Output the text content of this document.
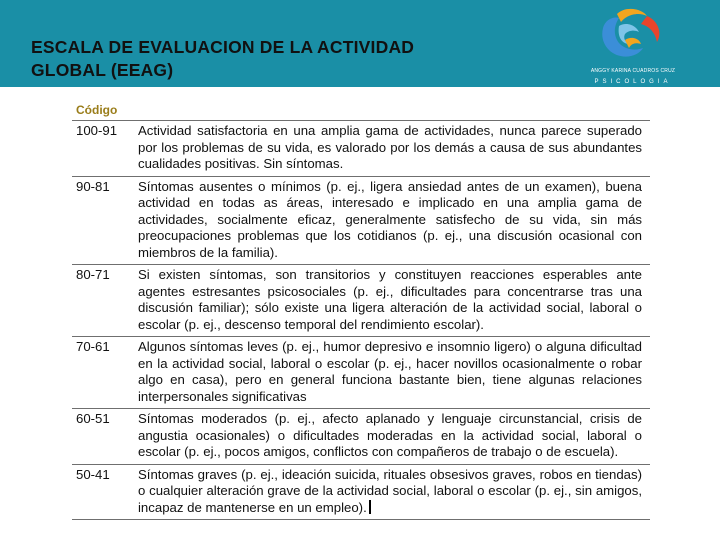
ESCALA DE EVALUACION DE LA ACTIVIDAD
GLOBAL (EEAG)	ANGGY KARINA CUADROS CRUZ
PSICOLOGIA
Código
100-91	Actividad satisfactoria en una amplia gama de actividades, nunca parece superado por los problemas de su vida, es valorado por los demás a causa de sus abundantes cualidades positivas. Sin síntomas.
90-81	Síntomas ausentes o mínimos (p. ej., ligera ansiedad antes de un examen), buena actividad en todas as áreas, interesado e implicado en una amplia gama de actividades, socialmente eficaz, generalmente satisfecho de su vida, sin más preocupaciones problemas que los cotidianos (p. ej., una discusión ocasional con miembros de la familia).
80-71	Si existen síntomas, son transitorios y constituyen reacciones esperables ante agentes estresantes psicosociales (p. ej., dificultades para concentrarse tras una discusión familiar); sólo existe una ligera alteración de la actividad social, laboral o escolar (p. ej., descenso temporal del rendimiento escolar).
70-61	Algunos síntomas leves (p. ej., humor depresivo e insomnio ligero) o alguna dificultad en la actividad social, laboral o escolar (p. ej., hacer novillos ocasionalmente o robar algo en casa), pero en general funciona bastante bien, tiene algunas relaciones interpersonales significativas
60-51	Síntomas moderados (p. ej., afecto aplanado y lenguaje circunstancial, crisis de angustia ocasionales) o dificultades moderadas en la actividad social, laboral o escolar (p. ej., pocos amigos, conflictos con compañeros de trabajo o de escuela).
50-41	Síntomas graves (p. ej., ideación suicida, rituales obsesivos graves, robos en tiendas) o cualquier alteración grave de la actividad social, laboral o escolar (p. ej., sin amigos, incapaz de mantenerse en un empleo).
